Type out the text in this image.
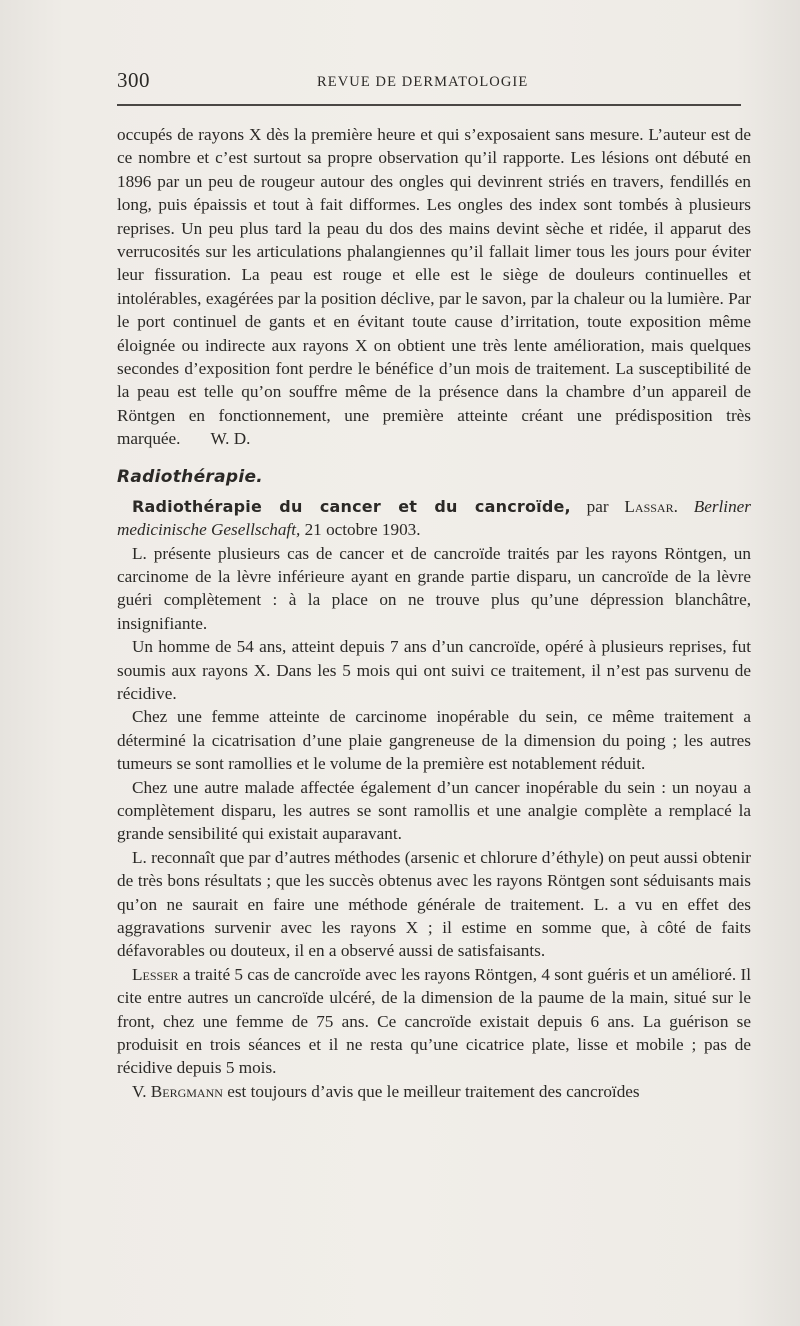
300	REVUE DE DERMATOLOGIE

occupés de rayons X dès la première heure et qui s’exposaient sans mesure. L’auteur est de ce nombre et c’est surtout sa propre observation qu’il rapporte. Les lésions ont débuté en 1896 par un peu de rougeur autour des ongles qui devinrent striés en travers, fendillés en long, puis épaissis et tout à fait difformes. Les ongles des index sont tombés à plusieurs reprises. Un peu plus tard la peau du dos des mains devint sèche et ridée, il apparut des verrucosités sur les articulations phalangiennes qu’il fallait limer tous les jours pour éviter leur fissuration. La peau est rouge et elle est le siège de douleurs continuelles et intolérables, exagérées par la position déclive, par le savon, par la chaleur ou la lumière. Par le port continuel de gants et en évitant toute cause d’irritation, toute exposition même éloignée ou indirecte aux rayons X on obtient une très lente amélioration, mais quelques secondes d’exposition font perdre le bénéfice d’un mois de traitement. La susceptibilité de la peau est telle qu’on souffre même de la présence dans la chambre d’un appareil de Röntgen en fonctionnement, une première atteinte créant une prédisposition très marquée. W. D.

Radiothérapie.

Radiothérapie du cancer et du cancroïde, par Lassar. Berliner medicinische Gesellschaft, 21 octobre 1903.

L. présente plusieurs cas de cancer et de cancroïde traités par les rayons Röntgen, un carcinome de la lèvre inférieure ayant en grande partie disparu, un cancroïde de la lèvre guéri complètement : à la place on ne trouve plus qu’une dépression blanchâtre, insignifiante.

Un homme de 54 ans, atteint depuis 7 ans d’un cancroïde, opéré à plusieurs reprises, fut soumis aux rayons X. Dans les 5 mois qui ont suivi ce traitement, il n’est pas survenu de récidive.

Chez une femme atteinte de carcinome inopérable du sein, ce même traitement a déterminé la cicatrisation d’une plaie gangreneuse de la dimension du poing ; les autres tumeurs se sont ramollies et le volume de la première est notablement réduit.

Chez une autre malade affectée également d’un cancer inopérable du sein : un noyau a complètement disparu, les autres se sont ramollis et une analgie complète a remplacé la grande sensibilité qui existait auparavant.

L. reconnaît que par d’autres méthodes (arsenic et chlorure d’éthyle) on peut aussi obtenir de très bons résultats ; que les succès obtenus avec les rayons Röntgen sont séduisants mais qu’on ne saurait en faire une méthode générale de traitement. L. a vu en effet des aggravations survenir avec les rayons X ; il estime en somme que, à côté de faits défavorables ou douteux, il en a observé aussi de satisfaisants.

Lesser a traité 5 cas de cancroïde avec les rayons Röntgen, 4 sont guéris et un amélioré. Il cite entre autres un cancroïde ulcéré, de la dimension de la paume de la main, situé sur le front, chez une femme de 75 ans. Ce cancroïde existait depuis 6 ans. La guérison se produisit en trois séances et il ne resta qu’une cicatrice plate, lisse et mobile ; pas de récidive depuis 5 mois.

V. Bergmann est toujours d’avis que le meilleur traitement des cancroïdes
